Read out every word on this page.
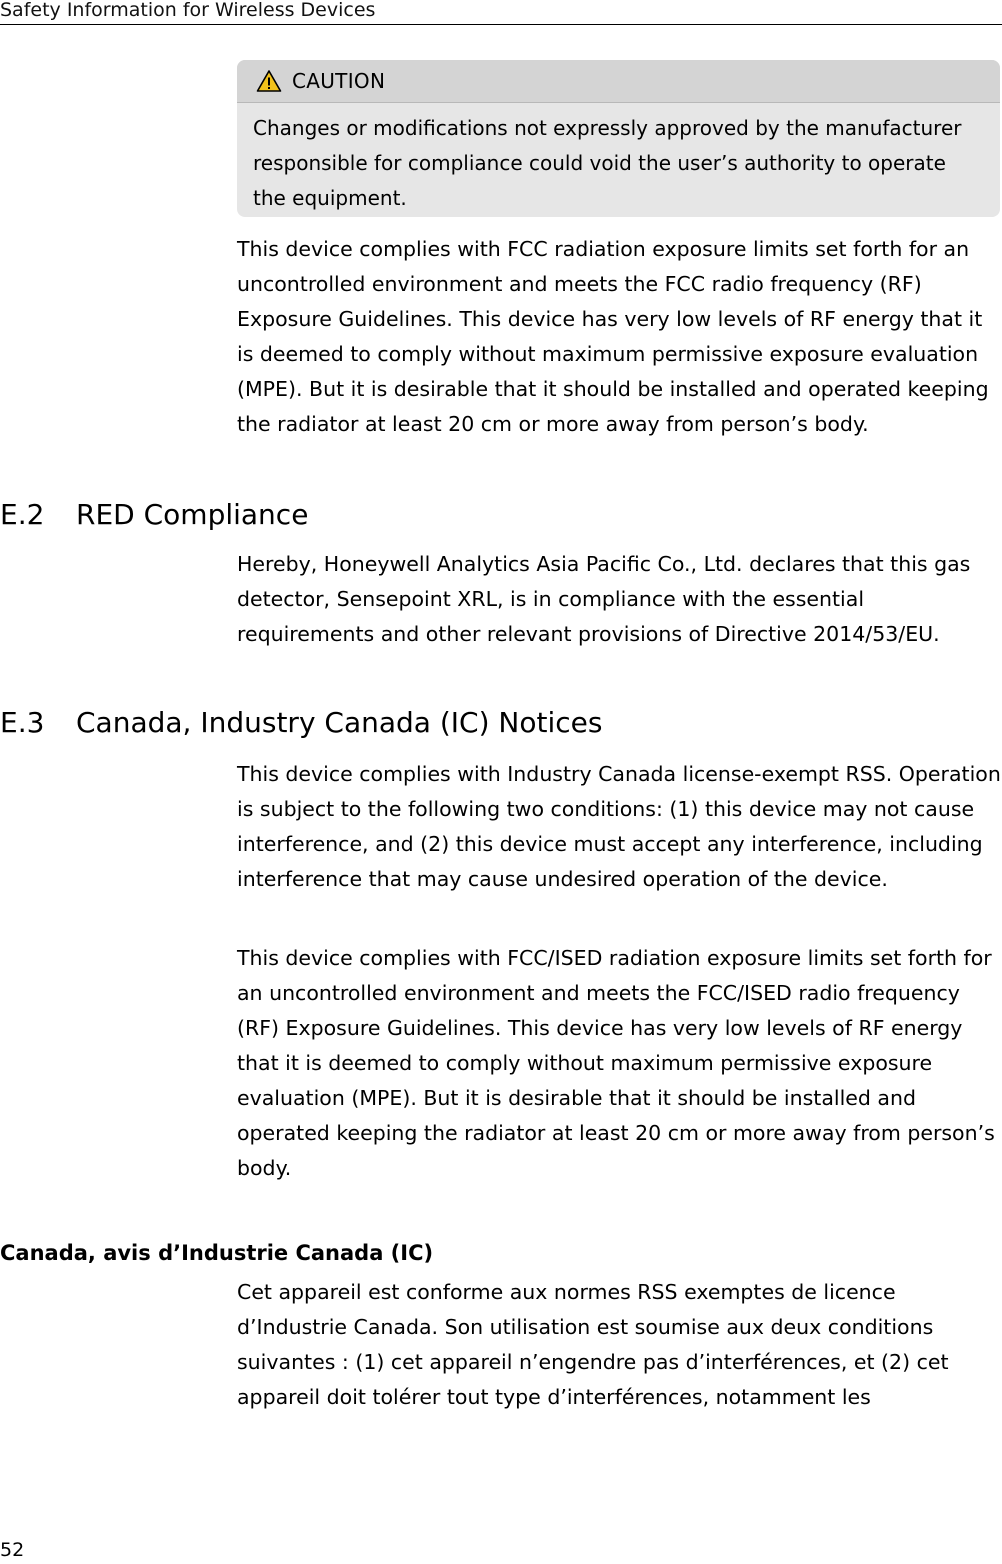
Safety Information for Wireless Devices
CAUTION
Changes or modifications not expressly approved by the manufacturer responsible for compliance could void the user’s authority to operate the equipment.

This device complies with FCC radiation exposure limits set forth for an uncontrolled environment and meets the FCC radio frequency (RF) Exposure Guidelines. This device has very low levels of RF energy that it is deemed to comply without maximum permissive exposure evaluation (MPE). But it is desirable that it should be installed and operated keeping the radiator at least 20 cm or more away from person’s body.

E.2 RED Compliance

Hereby, Honeywell Analytics Asia Pacific Co., Ltd. declares that this gas detector, Sensepoint XRL, is in compliance with the essential requirements and other relevant provisions of Directive 2014/53/EU.

E.3 Canada, Industry Canada (IC) Notices

This device complies with Industry Canada license-exempt RSS. Operation is subject to the following two conditions: (1) this device may not cause interference, and (2) this device must accept any interference, including interference that may cause undesired operation of the device.

This device complies with FCC/ISED radiation exposure limits set forth for an uncontrolled environment and meets the FCC/ISED radio frequency (RF) Exposure Guidelines. This device has very low levels of RF energy that it is deemed to comply without maximum permissive exposure evaluation (MPE). But it is desirable that it should be installed and operated keeping the radiator at least 20 cm or more away from person’s body.

Canada, avis d’Industrie Canada (IC)

Cet appareil est conforme aux normes RSS exemptes de licence d’Industrie Canada. Son utilisation est soumise aux deux conditions suivantes : (1) cet appareil n’engendre pas d’interférences, et (2) cet appareil doit tolérer tout type d’interférences, notamment les

52
